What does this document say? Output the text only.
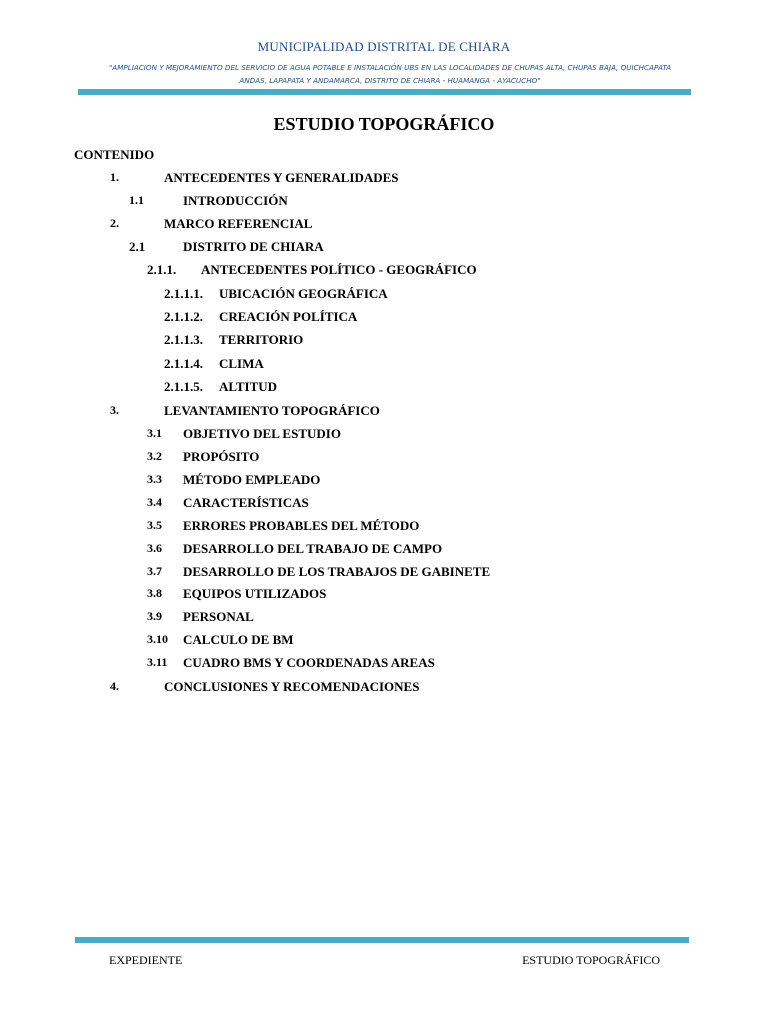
MUNICIPALIDAD DISTRITAL DE CHIARA
"AMPLIACION Y MEJORAMIENTO DEL SERVICIO DE AGUA POTABLE E INSTALACIÓN UBS EN LAS LOCALIDADES DE CHUPAS ALTA, CHUPAS BAJA, QUICHCAPATA ANDAS, LAPAPATA Y ANDAMARCA, DISTRITO DE CHIARA - HUAMANGA - AYACUCHO"
ESTUDIO TOPOGRÁFICO
CONTENIDO
1.	ANTECEDENTES Y GENERALIDADES
1.1	INTRODUCCIÓN
2.	MARCO REFERENCIAL
2.1	DISTRITO DE CHIARA
2.1.1. ANTECEDENTES POLÍTICO - GEOGRÁFICO
2.1.1.1. UBICACIÓN GEOGRÁFICA
2.1.1.2. CREACIÓN POLÍTICA
2.1.1.3. TERRITORIO
2.1.1.4. CLIMA
2.1.1.5. ALTITUD
3.	LEVANTAMIENTO TOPOGRÁFICO
3.1 OBJETIVO DEL ESTUDIO
3.2 PROPÓSITO
3.3 MÉTODO EMPLEADO
3.4 CARACTERÍSTICAS
3.5 ERRORES PROBABLES DEL MÉTODO
3.6 DESARROLLO DEL TRABAJO DE CAMPO
3.7 DESARROLLO DE LOS TRABAJOS DE GABINETE
3.8 EQUIPOS UTILIZADOS
3.9 PERSONAL
3.10 CALCULO DE BM
3.11 CUADRO BMS Y COORDENADAS AREAS
4.	CONCLUSIONES Y RECOMENDACIONES
EXPEDIENTE	ESTUDIO TOPOGRÁFICO
